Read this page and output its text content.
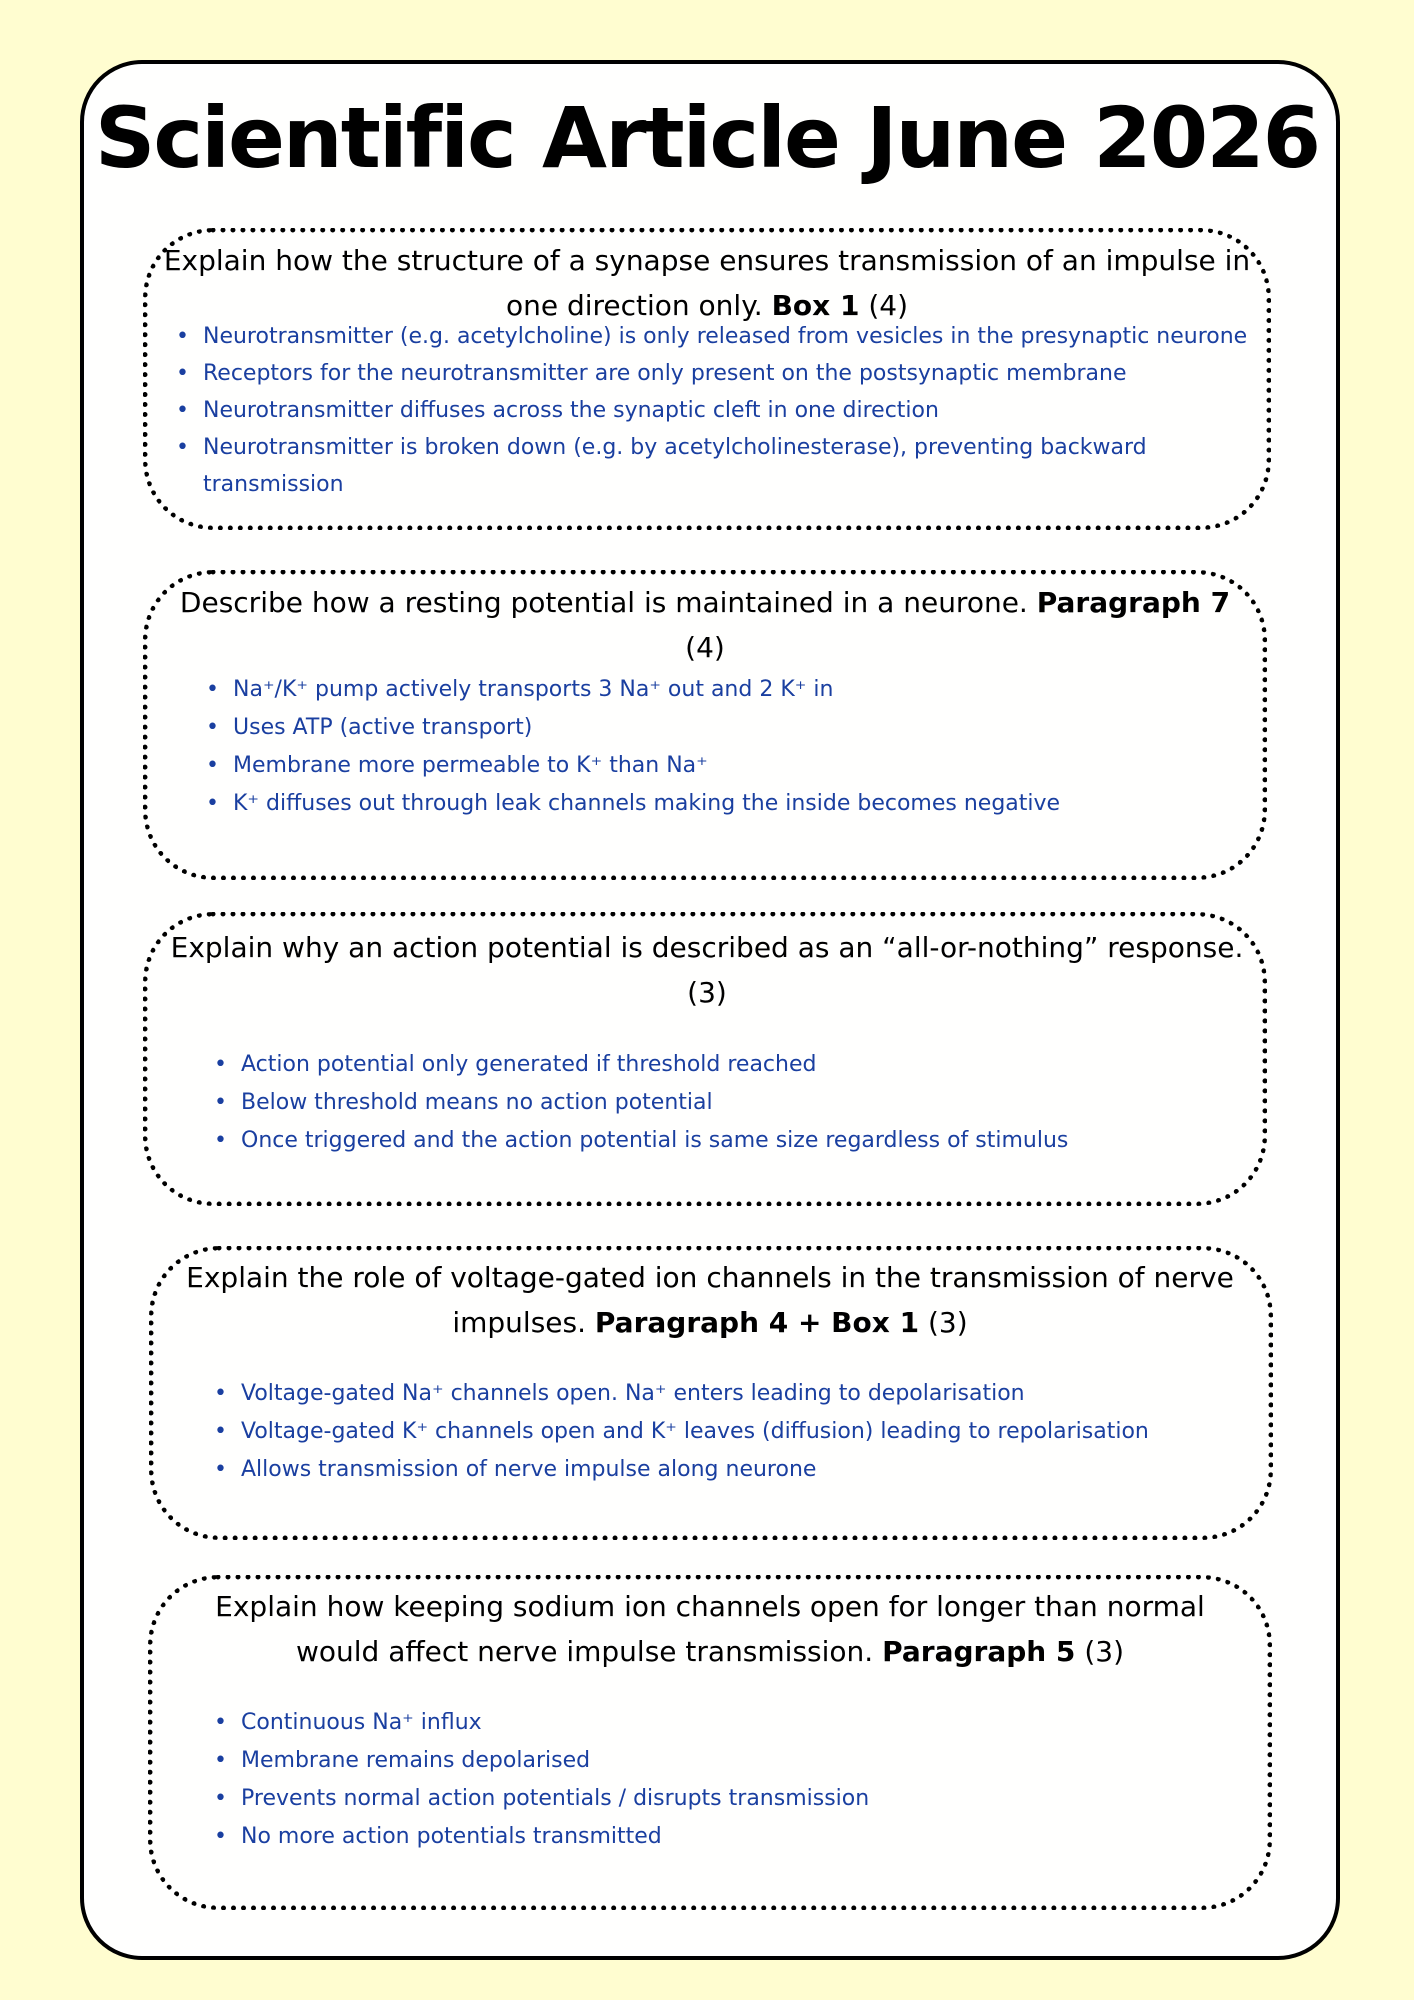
Scientific Article June 2026
Explain how the structure of a synapse ensures transmission of an impulse in one direction only. Box 1 (4)
• Neurotransmitter (e.g. acetylcholine) is only released from vesicles in the presynaptic neurone
• Receptors for the neurotransmitter are only present on the postsynaptic membrane
• Neurotransmitter diffuses across the synaptic cleft in one direction
• Neurotransmitter is broken down (e.g. by acetylcholinesterase), preventing backward transmission
Describe how a resting potential is maintained in a neurone. Paragraph 7 (4)
• Na⁺/K⁺ pump actively transports 3 Na⁺ out and 2 K⁺ in
• Uses ATP (active transport)
• Membrane more permeable to K⁺ than Na⁺
• K⁺ diffuses out through leak channels making the inside becomes negative
Explain why an action potential is described as an “all-or-nothing” response. (3)
• Action potential only generated if threshold reached
• Below threshold means no action potential
• Once triggered and the action potential is same size regardless of stimulus
Explain the role of voltage-gated ion channels in the transmission of nerve impulses. Paragraph 4 + Box 1 (3)
• Voltage-gated Na⁺ channels open. Na⁺ enters leading to depolarisation
• Voltage-gated K⁺ channels open and K⁺ leaves (diffusion) leading to repolarisation
• Allows transmission of nerve impulse along neurone
Explain how keeping sodium ion channels open for longer than normal would affect nerve impulse transmission. Paragraph 5 (3)
• Continuous Na⁺ influx
• Membrane remains depolarised
• Prevents normal action potentials / disrupts transmission
• No more action potentials transmitted
